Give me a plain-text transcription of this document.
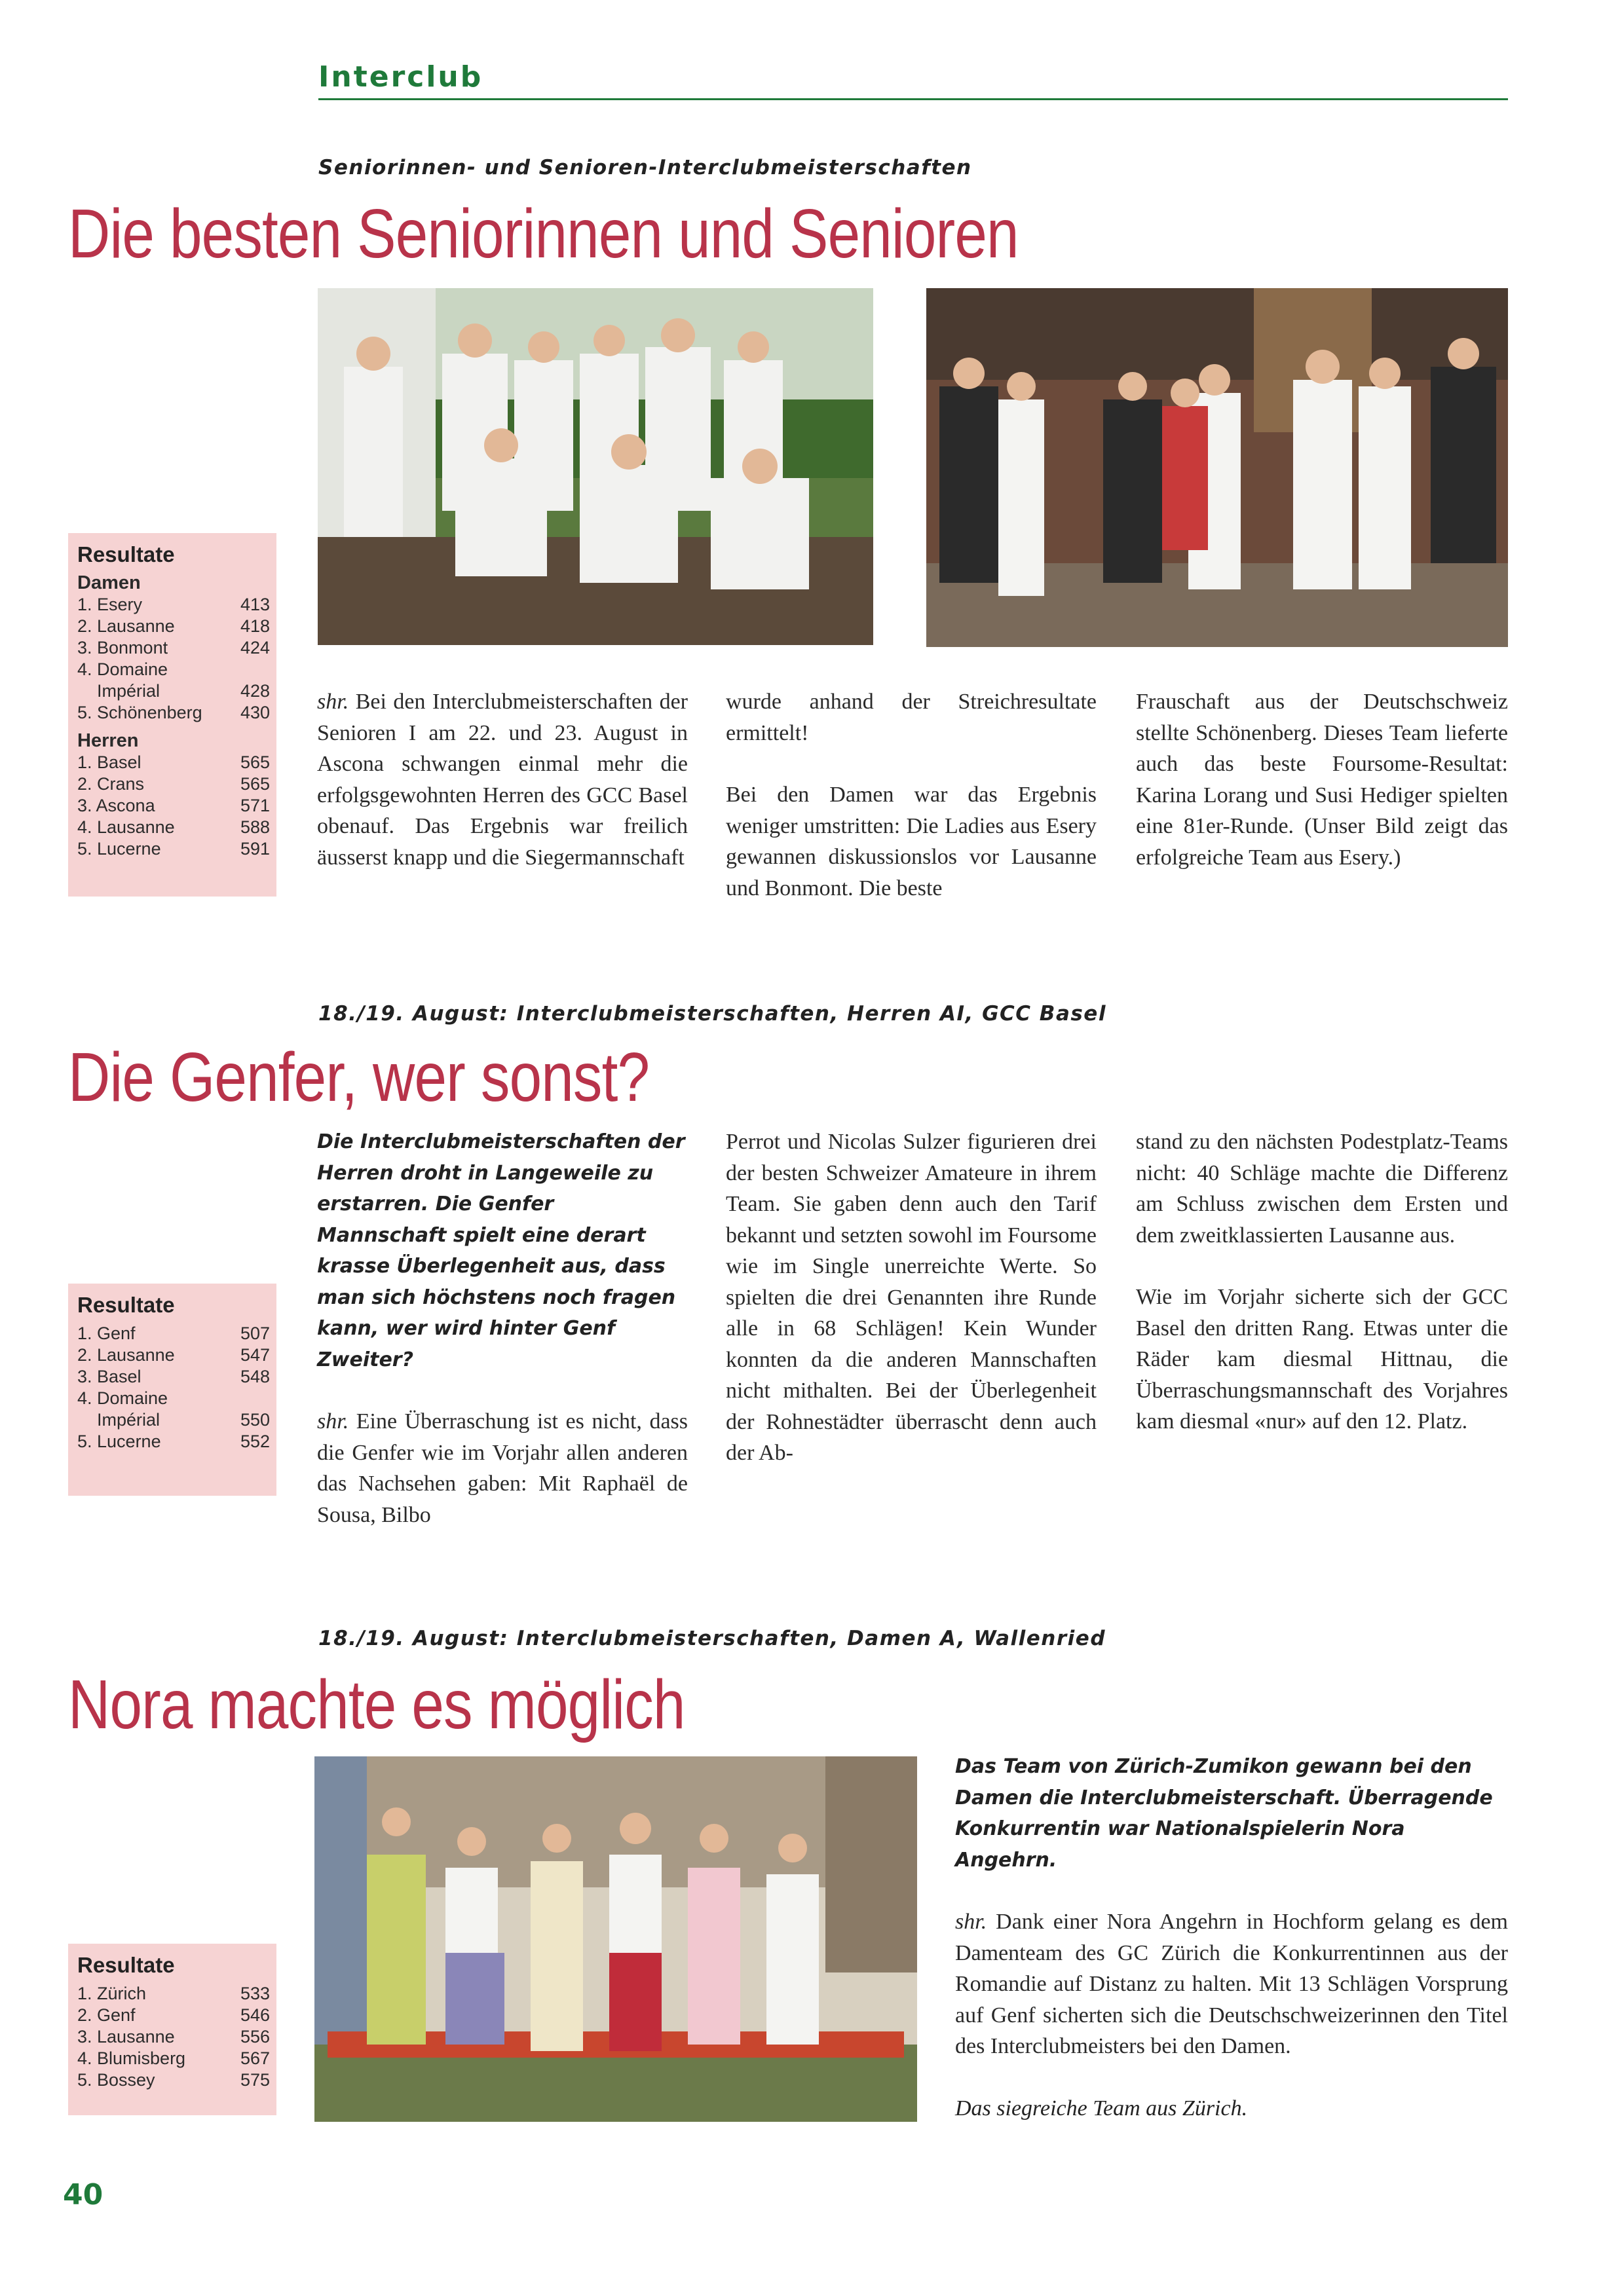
Interclub
Seniorinnen- und Senioren-Interclubmeisterschaften
Die besten Seniorinnen und Senioren
Resultate
Damen
1. Esery	413
2. Lausanne	418
3. Bonmont	424
4. Domaine
Impérial	428
5. Schönenberg 430
Herren
1. Basel	565
2. Crans	565
3. Ascona	571
4. Lausanne	588
5. Lucerne	591

shr. Bei den Interclubmeisterschaften der Senioren I am 22. und 23. August in Ascona schwangen einmal mehr die erfolgsgewohnten Herren des GCC Basel obenauf. Das Ergebnis war freilich äusserst knapp und die Siegermannschaft

wurde anhand der Streichresultate ermittelt!

Bei den Damen war das Ergebnis weniger umstritten: Die Ladies aus Esery gewannen diskussionslos vor Lausanne und Bonmont. Die beste

Frauschaft aus der Deutschschweiz stellte Schönenberg. Dieses Team lieferte auch das beste Foursome-Resultat: Karina Lorang und Susi Hediger spielten eine 81er-Runde. (Unser Bild zeigt das erfolgreiche Team aus Esery.)

18./19. August: Interclubmeisterschaften, Herren AI, GCC Basel
Die Genfer, wer sonst?
Resultate
1. Genf	507
2. Lausanne	547
3. Basel	548
4. Domaine
Impérial	550
5. Lucerne	552

Die Interclubmeisterschaften der Herren droht in Langeweile zu erstarren. Die Genfer Mannschaft spielt eine derart krasse Überlegenheit aus, dass man sich höchstens noch fragen kann, wer wird hinter Genf Zweiter?

shr. Eine Überraschung ist es nicht, dass die Genfer wie im Vorjahr allen anderen das Nachsehen gaben: Mit Raphaël de Sousa, Bilbo

Perrot und Nicolas Sulzer figurieren drei der besten Schweizer Amateure in ihrem Team. Sie gaben denn auch den Tarif bekannt und setzten sowohl im Foursome wie im Single unerreichte Werte. So spielten die drei Genannten ihre Runde alle in 68 Schlägen! Kein Wunder konnten da die anderen Mannschaften nicht mithalten. Bei der Überlegenheit der Rohnestädter überrascht denn auch der Ab-

stand zu den nächsten Podestplatz-Teams nicht: 40 Schläge machte die Differenz am Schluss zwischen dem Ersten und dem zweitklassierten Lausanne aus.

Wie im Vorjahr sicherte sich der GCC Basel den dritten Rang. Etwas unter die Räder kam diesmal Hittnau, die Überraschungsmannschaft des Vorjahres kam diesmal «nur» auf den 12. Platz.

18./19. August: Interclubmeisterschaften, Damen A, Wallenried
Nora machte es möglich
Resultate
1. Zürich	533
2. Genf	546
3. Lausanne	556
4. Blumisberg	567
5. Bossey	575

Das Team von Zürich-Zumikon gewann bei den Damen die Interclubmeisterschaft. Überragende Konkurrentin war Nationalspielerin Nora Angehrn.

shr. Dank einer Nora Angehrn in Hochform gelang es dem Damenteam des GC Zürich die Konkurrentinnen aus der Romandie auf Distanz zu halten. Mit 13 Schlägen Vorsprung auf Genf sicherten sich die Deutschschweizerinnen den Titel des Interclubmeisters bei den Damen.

Das siegreiche Team aus Zürich.

40
